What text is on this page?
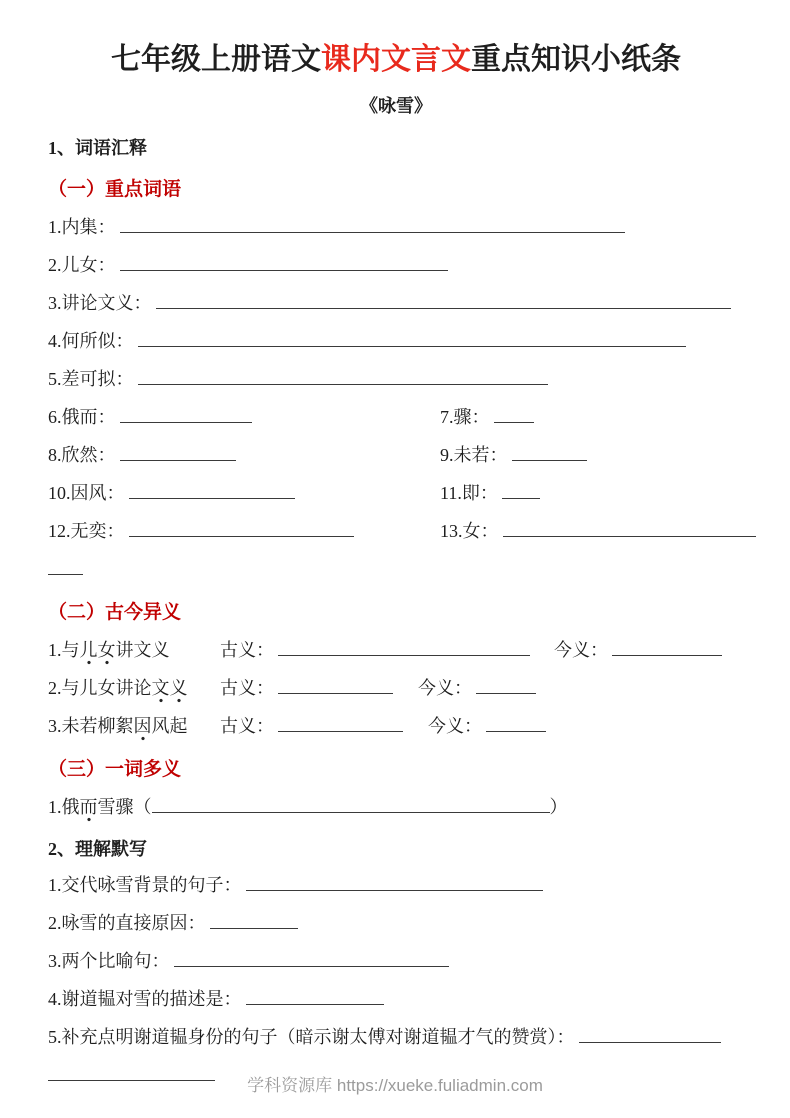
七年级上册语文课内文言文重点知识小纸条
《咏雪》
1、词语汇释
（一）重点词语
1.内集：
2.儿女：
3.讲论文义：
4.何所似：
5.差可拟：
6.俄而：	7.骤：
8.欣然：	9.未若：
10.因风：	11.即：
12.无奕：	13.女：
（二）古今异义
1.与儿女讲文义	古义：	今义：
2.与儿女讲论文义 古义：	今义：
3.未若柳絮因风起 古义：	今义：
（三）一词多义
1.俄而雪骤（	）
2、理解默写
1.交代咏雪背景的句子：
2.咏雪的直接原因：
3.两个比喻句：
4.谢道韫对雪的描述是：
5.补充点明谢道韫身份的句子（暗示谢太傅对谢道韫才气的赞赏）：
学科资源库 https://xueke.fuliadmin.com
